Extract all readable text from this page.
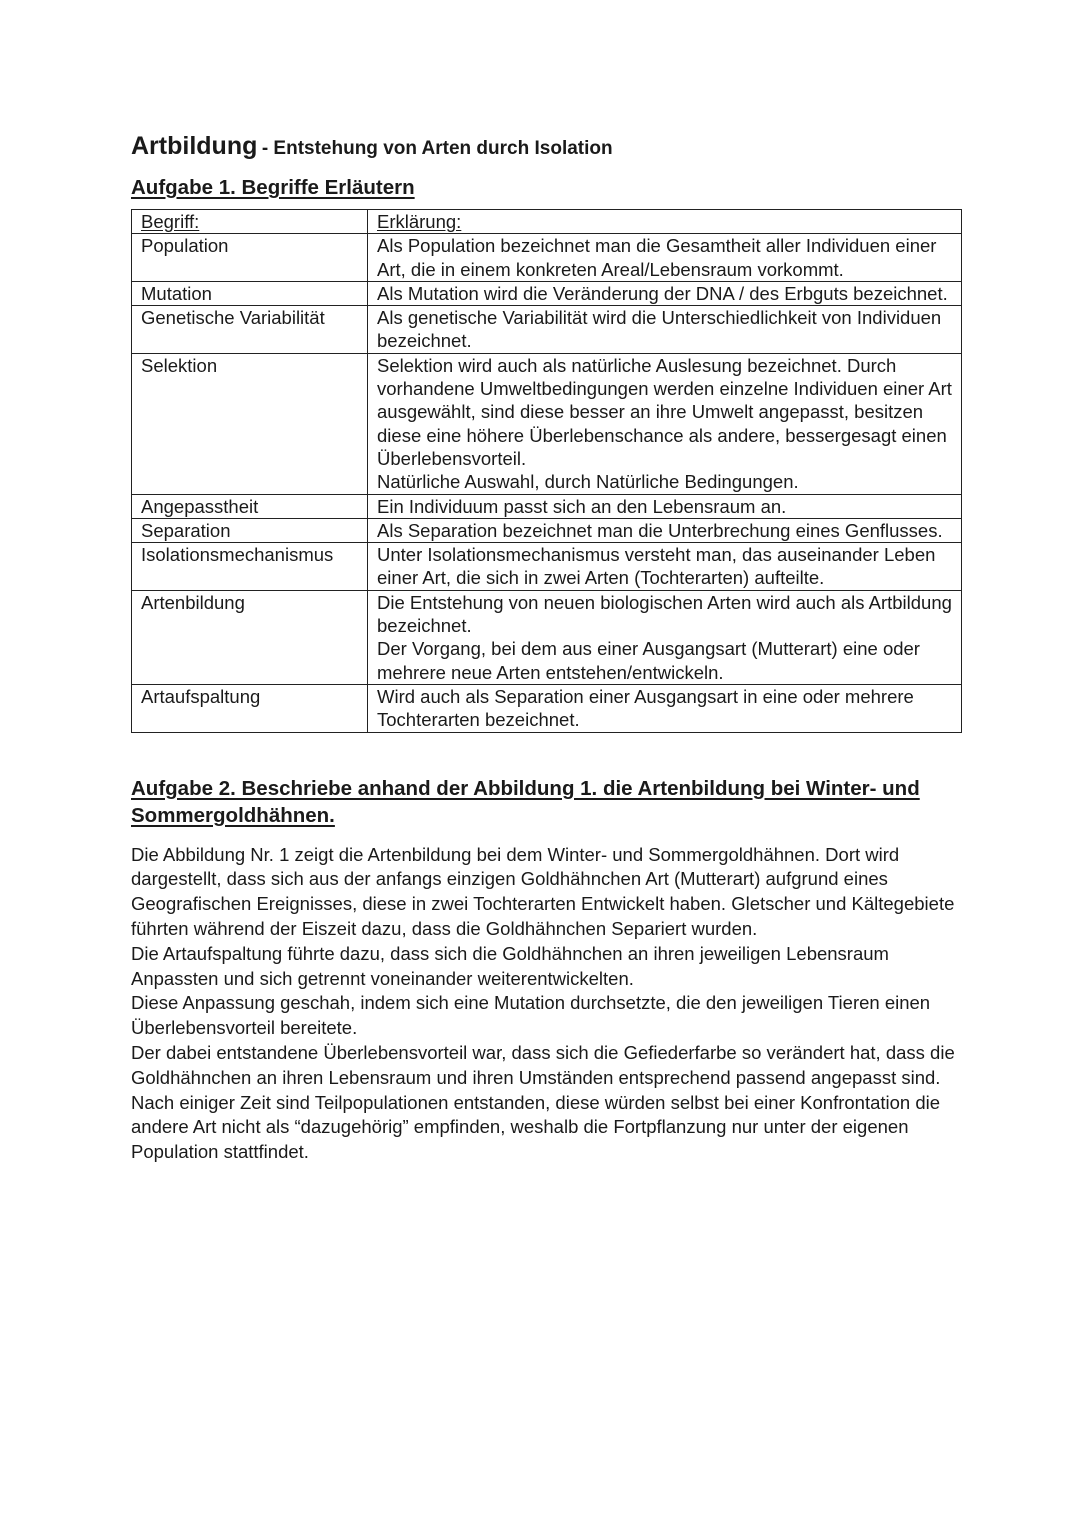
Artbildung - Entstehung von Arten durch Isolation
Aufgabe 1. Begriffe Erläutern
Begriff:	Erklärung:
Population	Als Population bezeichnet man die Gesamtheit aller Individuen einer Art, die in einem konkreten Areal/Lebensraum vorkommt.
Mutation	Als Mutation wird die Veränderung der DNA / des Erbguts bezeichnet.
Genetische Variabilität	Als genetische Variabilität wird die Unterschiedlichkeit von Individuen bezeichnet.
Selektion	Selektion wird auch als natürliche Auslesung bezeichnet. Durch vorhandene Umweltbedingungen werden einzelne Individuen einer Art ausgewählt, sind diese besser an ihre Umwelt angepasst, besitzen diese eine höhere Überlebenschance als andere, bessergesagt einen Überlebensvorteil.
Natürliche Auswahl, durch Natürliche Bedingungen.
Angepasstheit	Ein Individuum passt sich an den Lebensraum an.
Separation	Als Separation bezeichnet man die Unterbrechung eines Genflusses.
Isolationsmechanismus	Unter Isolationsmechanismus versteht man, das auseinander Leben einer Art, die sich in zwei Arten (Tochterarten) aufteilte.
Artenbildung	Die Entstehung von neuen biologischen Arten wird auch als Artbildung bezeichnet.
Der Vorgang, bei dem aus einer Ausgangsart (Mutterart) eine oder mehrere neue Arten entstehen/entwickeln.
Artaufspaltung	Wird auch als Separation einer Ausgangsart in eine oder mehrere Tochterarten bezeichnet.
Aufgabe 2. Beschriebe anhand der Abbildung 1. die Artenbildung bei Winter- und Sommergoldhähnen.

Die Abbildung Nr. 1 zeigt die Artenbildung bei dem Winter- und Sommergoldhähnen. Dort wird dargestellt, dass sich aus der anfangs einzigen Goldhähnchen Art (Mutterart) aufgrund eines Geografischen Ereignisses, diese in zwei Tochterarten Entwickelt haben. Gletscher und Kältegebiete führten während der Eiszeit dazu, dass die Goldhähnchen Separiert wurden.

Die Artaufspaltung führte dazu, dass sich die Goldhähnchen an ihren jeweiligen Lebensraum Anpassten und sich getrennt voneinander weiterentwickelten.

Diese Anpassung geschah, indem sich eine Mutation durchsetzte, die den jeweiligen Tieren einen Überlebensvorteil bereitete.

Der dabei entstandene Überlebensvorteil war, dass sich die Gefiederfarbe so verändert hat, dass die Goldhähnchen an ihren Lebensraum und ihren Umständen entsprechend passend angepasst sind.

Nach einiger Zeit sind Teilpopulationen entstanden, diese würden selbst bei einer Konfrontation die andere Art nicht als “dazugehörig” empfinden, weshalb die Fortpflanzung nur unter der eigenen Population stattfindet.
